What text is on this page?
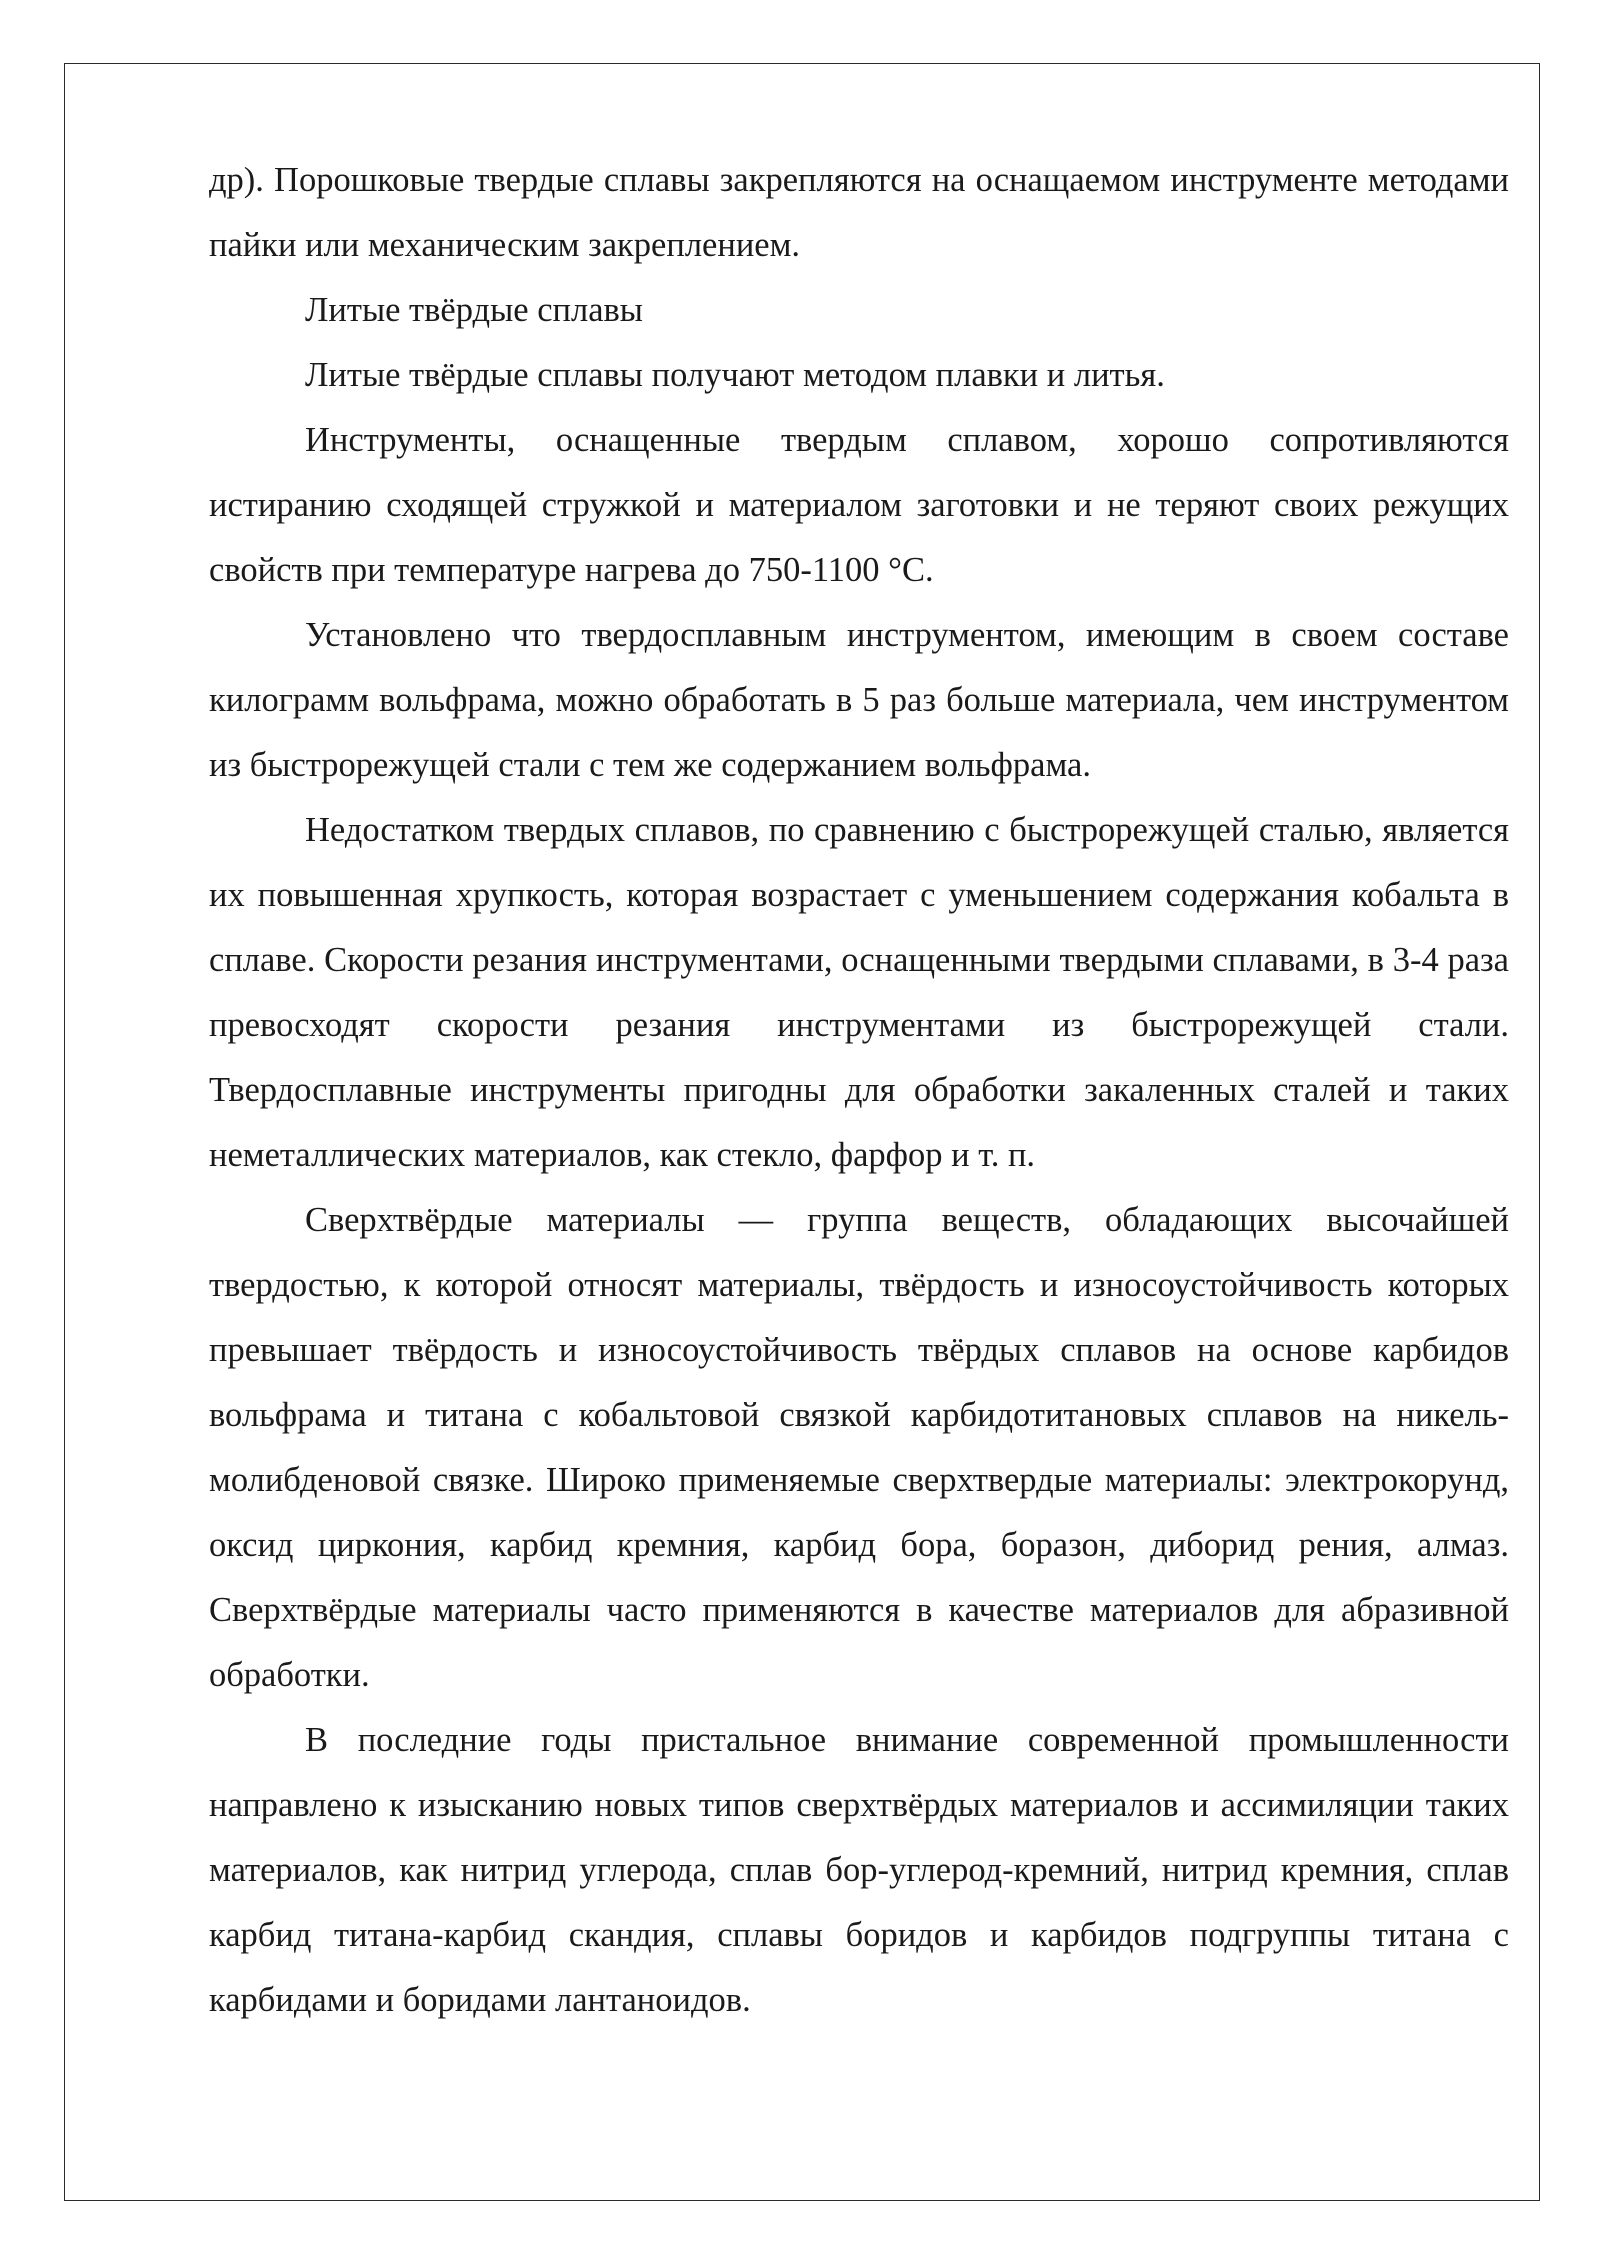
др). Порошковые твердые сплавы закрепляются на оснащаемом инструменте методами пайки или механическим закреплением.

Литые твёрдые сплавы

Литые твёрдые сплавы получают методом плавки и литья.

Инструменты, оснащенные твердым сплавом, хорошо сопротивляются истиранию сходящей стружкой и материалом заготовки и не теряют своих режущих свойств при температуре нагрева до 750-1100 °C.

Установлено что твердосплавным инструментом, имеющим в своем составе килограмм вольфрама, можно обработать в 5 раз больше материала, чем инструментом из быстрорежущей стали с тем же содержанием вольфрама.

Недостатком твердых сплавов, по сравнению с быстрорежущей сталью, является их повышенная хрупкость, которая возрастает с уменьшением содержания кобальта в сплаве. Скорости резания инструментами, оснащенными твердыми сплавами, в 3-4 раза превосходят скорости резания инструментами из быстрорежущей стали. Твердосплавные инструменты пригодны для обработки закаленных сталей и таких неметаллических материалов, как стекло, фарфор и т. п.

Сверхтвёрдые материалы — группа веществ, обладающих высочайшей твердостью, к которой относят материалы, твёрдость и износоустойчивость которых превышает твёрдость и износоустойчивость твёрдых сплавов на основе карбидов вольфрама и титана с кобальтовой связкой карбидотитановых сплавов на никель-молибденовой связке. Широко применяемые сверхтвердые материалы: электрокорунд, оксид циркония, карбид кремния, карбид бора, боразон, диборид рения, алмаз. Сверхтвёрдые материалы часто применяются в качестве материалов для абразивной обработки.

В последние годы пристальное внимание современной промышленности направлено к изысканию новых типов сверхтвёрдых материалов и ассимиляции таких материалов, как нитрид углерода, сплав бор-углерод-кремний, нитрид кремния, сплав карбид титана-карбид скандия, сплавы боридов и карбидов подгруппы титана с карбидами и боридами лантаноидов.
